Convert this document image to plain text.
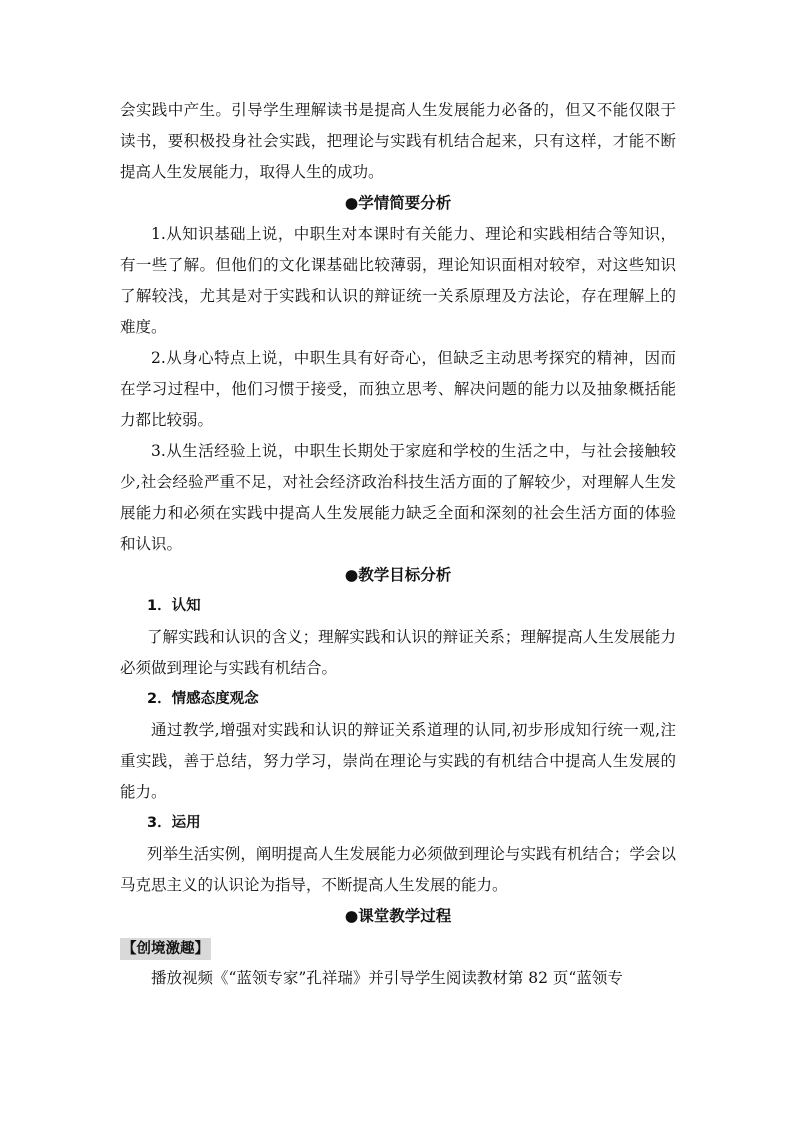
会实践中产生。引导学生理解读书是提高人生发展能力必备的，但又不能仅限于读书，要积极投身社会实践，把理论与实践有机结合起来，只有这样，才能不断提高人生发展能力，取得人生的成功。

●学情简要分析

1.从知识基础上说，中职生对本课时有关能力、理论和实践相结合等知识，有一些了解。但他们的文化课基础比较薄弱，理论知识面相对较窄，对这些知识了解较浅，尤其是对于实践和认识的辩证统一关系原理及方法论，存在理解上的难度。

2.从身心特点上说，中职生具有好奇心，但缺乏主动思考探究的精神，因而在学习过程中，他们习惯于接受，而独立思考、解决问题的能力以及抽象概括能力都比较弱。

3.从生活经验上说，中职生长期处于家庭和学校的生活之中，与社会接触较少,社会经验严重不足，对社会经济政治科技生活方面的了解较少，对理解人生发展能力和必须在实践中提高人生发展能力缺乏全面和深刻的社会生活方面的体验和认识。

●教学目标分析

1．认知

了解实践和认识的含义；理解实践和认识的辩证关系；理解提高人生发展能力必须做到理论与实践有机结合。

2．情感态度观念

通过教学,增强对实践和认识的辩证关系道理的认同,初步形成知行统一观,注重实践，善于总结，努力学习，崇尚在理论与实践的有机结合中提高人生发展的能力。

3．运用

列举生活实例，阐明提高人生发展能力必须做到理论与实践有机结合；学会以马克思主义的认识论为指导，不断提高人生发展的能力。

●课堂教学过程

【创境激趣】

播放视频《“蓝领专家”孔祥瑞》并引导学生阅读教材第 82 页“蓝领专
